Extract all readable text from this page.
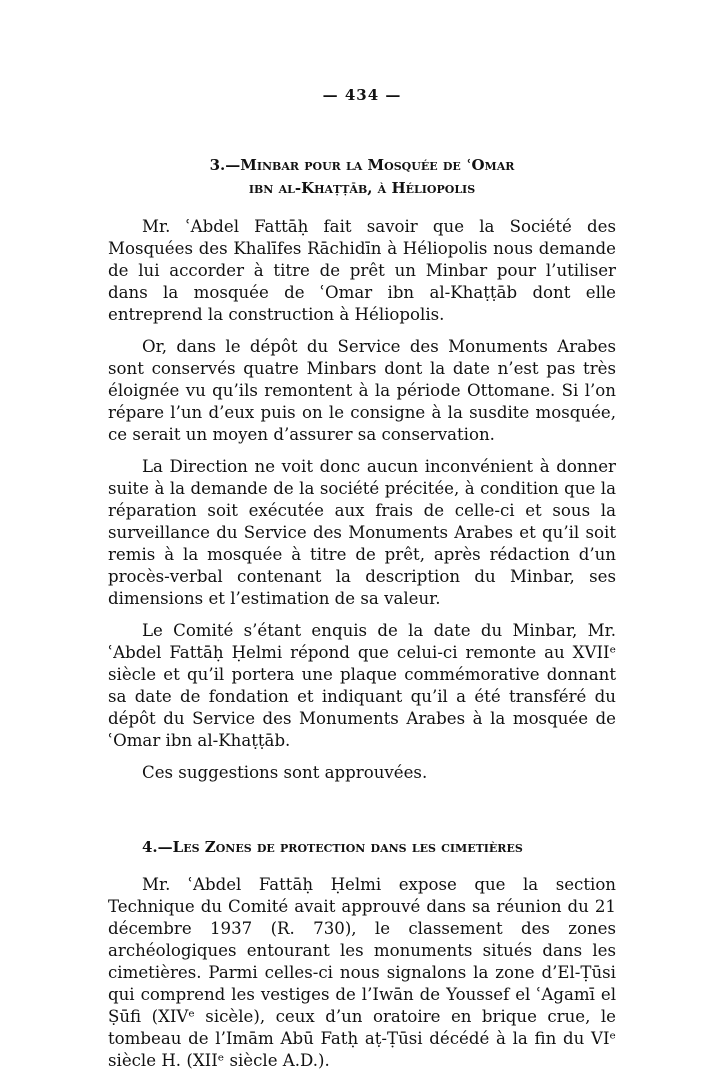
— 434 —
3.—Minbar pour la Mosquée de ʿOmar
ibn al-Khaṭṭāb, à Héliopolis

Mr. ʿAbdel Fattāḥ fait savoir que la Société des Mosquées des Khalīfes Rāchidīn à Héliopolis nous demande de lui accorder à titre de prêt un Minbar pour l’utiliser dans la mosquée de ʿOmar ibn al-Khaṭṭāb dont elle entreprend la construction à Héliopolis.

Or, dans le dépôt du Service des Monuments Arabes sont conservés quatre Minbars dont la date n’est pas très éloignée vu qu’ils remontent à la période Ottomane. Si l’on répare l’un d’eux puis on le consigne à la susdite mosquée, ce serait un moyen d’assurer sa conservation.

La Direction ne voit donc aucun inconvénient à donner suite à la demande de la société précitée, à condition que la réparation soit exécutée aux frais de celle-ci et sous la surveillance du Service des Monuments Arabes et qu’il soit remis à la mosquée à titre de prêt, après rédaction d’un procès-verbal contenant la description du Minbar, ses dimensions et l’estimation de sa valeur.

Le Comité s’étant enquis de la date du Minbar, Mr. ʿAbdel Fattāḥ Ḥelmi répond que celui-ci remonte au XVIIᵉ siècle et qu’il portera une plaque commémorative donnant sa date de fondation et indiquant qu’il a été transféré du dépôt du Service des Monuments Arabes à la mosquée de ʿOmar ibn al-Khaṭṭāb.

Ces suggestions sont approuvées.

4.—Les Zones de protection dans les cimetières

Mr. ʿAbdel Fattāḥ Ḥelmi expose que la section Technique du Comité avait approuvé dans sa réunion du 21 décembre 1937 (R. 730), le classement des zones archéologiques entourant les monuments situés dans les cimetières. Parmi celles-ci nous signalons la zone d’El-Ṭūsi qui comprend les vestiges de l’Iwān de Youssef el ʿAgamī el Ṣūfi (XIVᵉ sicèle), ceux d’un oratoire en brique crue, le tombeau de l’Imām Abū Fatḥ aṭ-Ṭūsi décédé à la fin du VIᵉ siècle H. (XIIᵉ siècle A.D.).
